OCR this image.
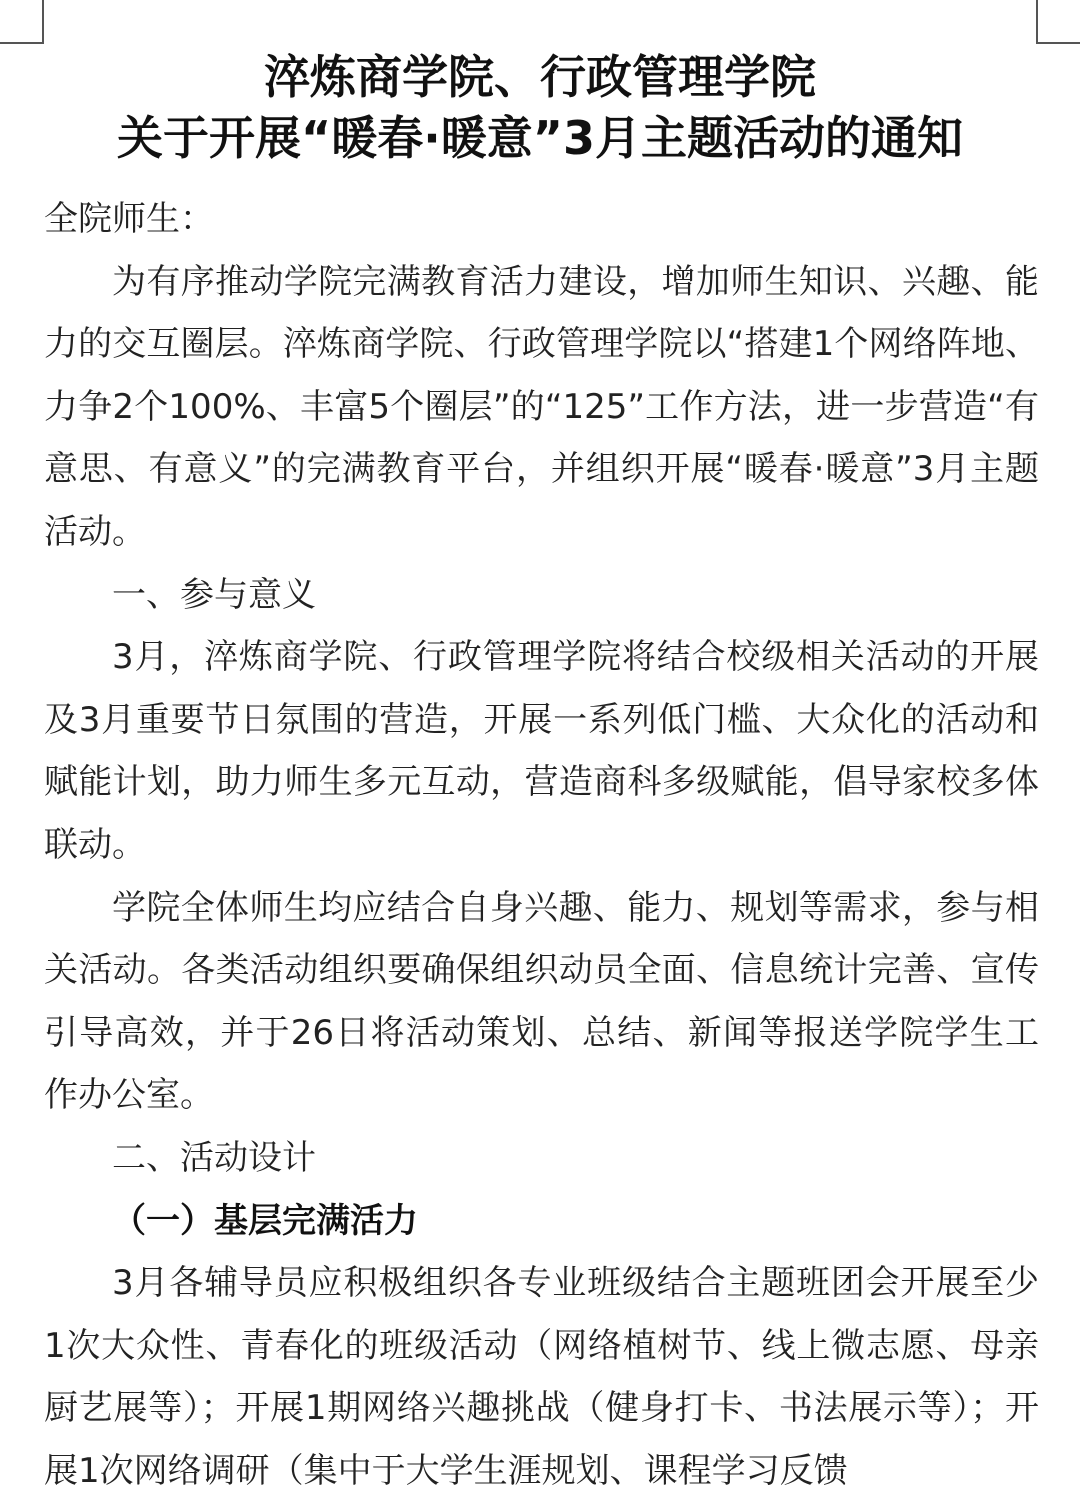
淬炼商学院、行政管理学院
关于开展“暖春·暖意”3月主题活动的通知

全院师生：

为有序推动学院完满教育活力建设，增加师生知识、兴趣、能力的交互圈层。淬炼商学院、行政管理学院以“搭建1个网络阵地、力争2个100%、丰富5个圈层”的“125”工作方法，进一步营造“有意思、有意义”的完满教育平台，并组织开展“暖春·暖意”3月主题活动。

一、参与意义

3月，淬炼商学院、行政管理学院将结合校级相关活动的开展及3月重要节日氛围的营造，开展一系列低门槛、大众化的活动和赋能计划，助力师生多元互动，营造商科多级赋能，倡导家校多体联动。

学院全体师生均应结合自身兴趣、能力、规划等需求，参与相关活动。各类活动组织要确保组织动员全面、信息统计完善、宣传引导高效，并于26日将活动策划、总结、新闻等报送学院学生工作办公室。

二、活动设计

（一）基层完满活力

3月各辅导员应积极组织各专业班级结合主题班团会开展至少1次大众性、青春化的班级活动（网络植树节、线上微志愿、母亲厨艺展等）；开展1期网络兴趣挑战（健身打卡、书法展示等）；开展1次网络调研（集中于大学生涯规划、课程学习反馈
